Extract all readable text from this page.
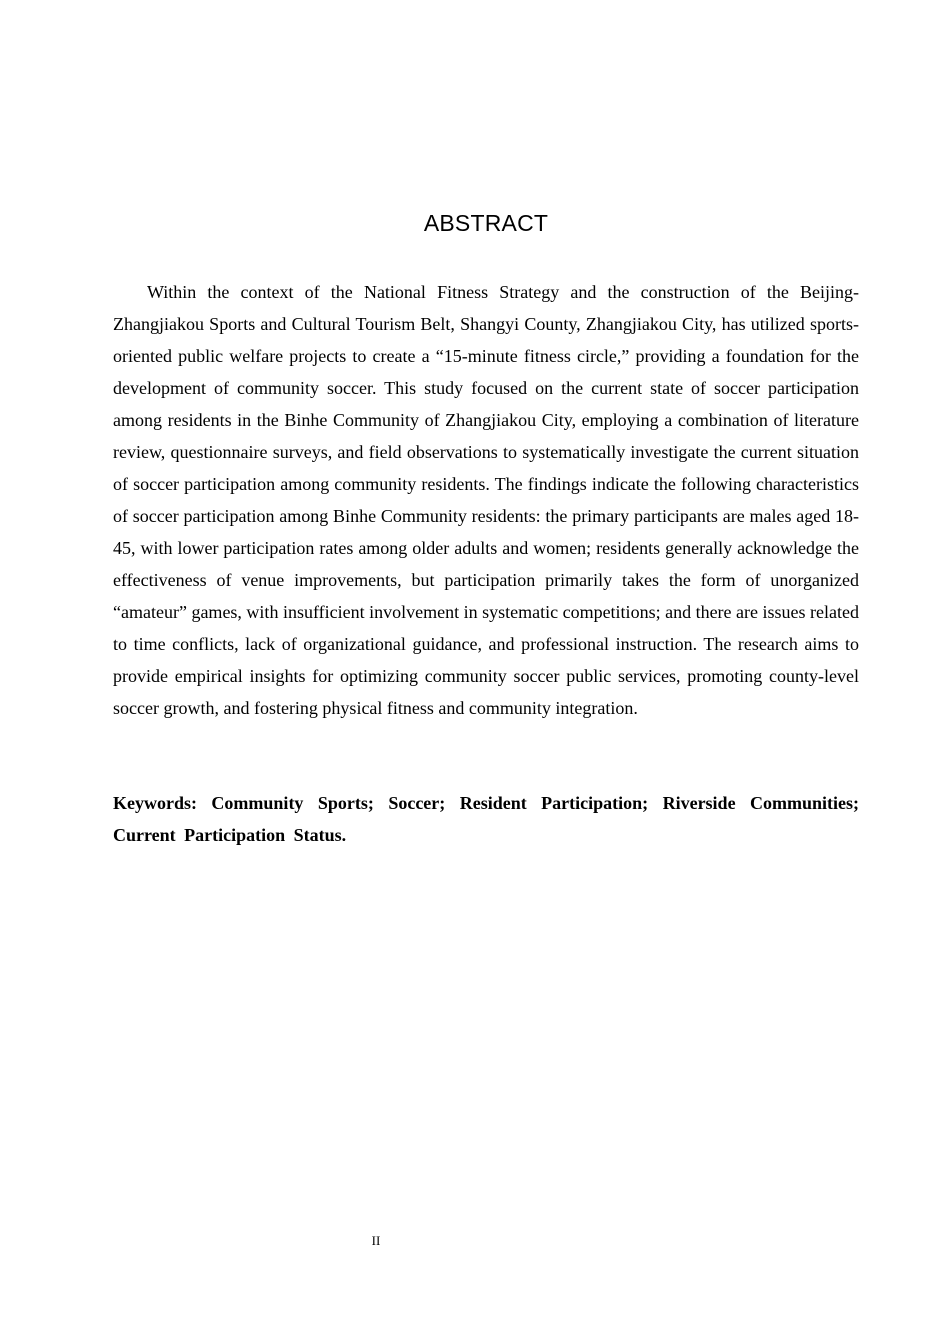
ABSTRACT

Within the context of the National Fitness Strategy and the construction of the Beijing-Zhangjiakou Sports and Cultural Tourism Belt, Shangyi County, Zhangjiakou City, has utilized sports-oriented public welfare projects to create a “15-minute fitness circle,” providing a foundation for the development of community soccer. This study focused on the current state of soccer participation among residents in the Binhe Community of Zhangjiakou City, employing a combination of literature review, questionnaire surveys, and field observations to systematically investigate the current situation of soccer participation among community residents. The findings indicate the following characteristics of soccer participation among Binhe Community residents: the primary participants are males aged 18-45, with lower participation rates among older adults and women; residents generally acknowledge the effectiveness of venue improvements, but participation primarily takes the form of unorganized “amateur” games, with insufficient involvement in systematic competitions; and there are issues related to time conflicts, lack of organizational guidance, and professional instruction. The research aims to provide empirical insights for optimizing community soccer public services, promoting county-level soccer growth, and fostering physical fitness and community integration.

Keywords: Community Sports; Soccer; Resident Participation; Riverside Communities; Current Participation Status.

II
